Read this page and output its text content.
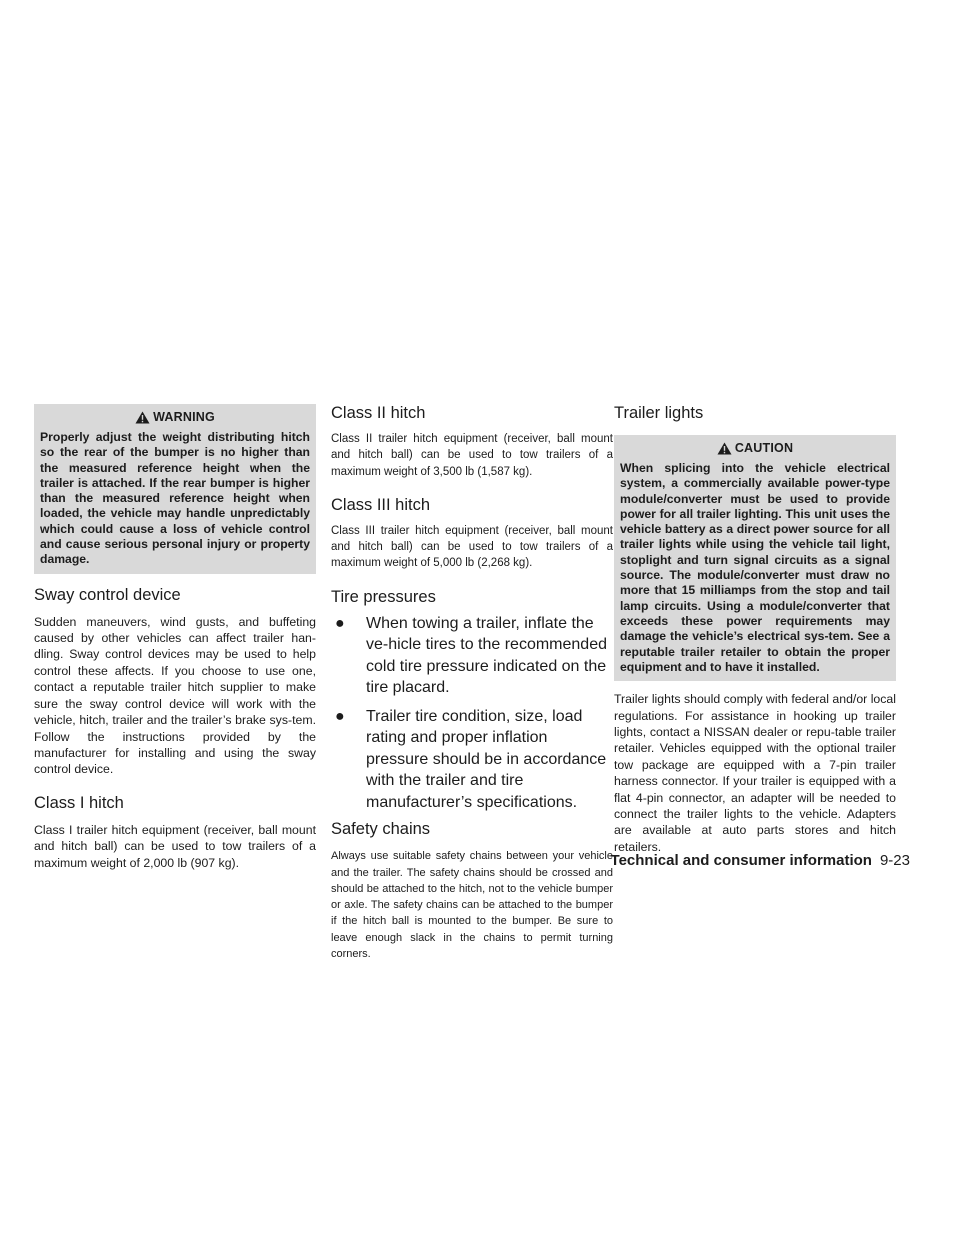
WARNING

Properly adjust the weight distributing hitch so the rear of the bumper is no higher than the measured reference height when the trailer is attached. If the rear bumper is higher than the measured reference height when loaded, the vehicle may handle unpredictably which could cause a loss of vehicle control and cause serious personal injury or property damage.

Sway control device

Sudden maneuvers, wind gusts, and buffeting caused by other vehicles can affect trailer han-dling. Sway control devices may be used to help control these affects. If you choose to use one, contact a reputable trailer hitch supplier to make sure the sway control device will work with the vehicle, hitch, trailer and the trailer’s brake sys-tem. Follow the instructions provided by the manufacturer for installing and using the sway control device.

Class I hitch

Class I trailer hitch equipment (receiver, ball mount and hitch ball) can be used to tow trailers of a maximum weight of 2,000 lb (907 kg).

Class II hitch

Class II trailer hitch equipment (receiver, ball mount and hitch ball) can be used to tow trailers of a maximum weight of 3,500 lb (1,587 kg).

Class III hitch

Class III trailer hitch equipment (receiver, ball mount and hitch ball) can be used to tow trailers of a maximum weight of 5,000 lb (2,268 kg).

Tire pressures
● When towing a trailer, inflate the ve-hicle tires to the recommended cold tire pressure indicated on the tire placard.
● Trailer tire condition, size, load rating and proper inflation pressure should be in accordance with the trailer and tire manufacturer’s specifications.
Safety chains

Always use suitable safety chains between your vehicle and the trailer. The safety chains should be crossed and should be attached to the hitch, not to the vehicle bumper or axle. The safety chains can be attached to the bumper if the hitch ball is mounted to the bumper. Be sure to leave enough slack in the chains to permit turning corners.

Trailer lights
CAUTION

When splicing into the vehicle electrical system, a commercially available power-type module/converter must be used to provide power for all trailer lighting. This unit uses the vehicle battery as a direct power source for all trailer lights while using the vehicle tail light, stoplight and turn signal circuits as a signal source. The module/converter must draw no more that 15 milliamps from the stop and tail lamp circuits. Using a module/converter that exceeds these power requirements may damage the vehicle’s electrical sys-tem. See a reputable trailer retailer to obtain the proper equipment and to have it installed.

Trailer lights should comply with federal and/or local regulations. For assistance in hooking up trailer lights, contact a NISSAN dealer or repu-table trailer retailer. Vehicles equipped with the optional trailer tow package are equipped with a 7-pin trailer harness connector. If your trailer is equipped with a flat 4-pin connector, an adapter will be needed to connect the trailer lights to the vehicle. Adapters are available at auto parts stores and hitch retailers.

Technical and consumer information 9-23
